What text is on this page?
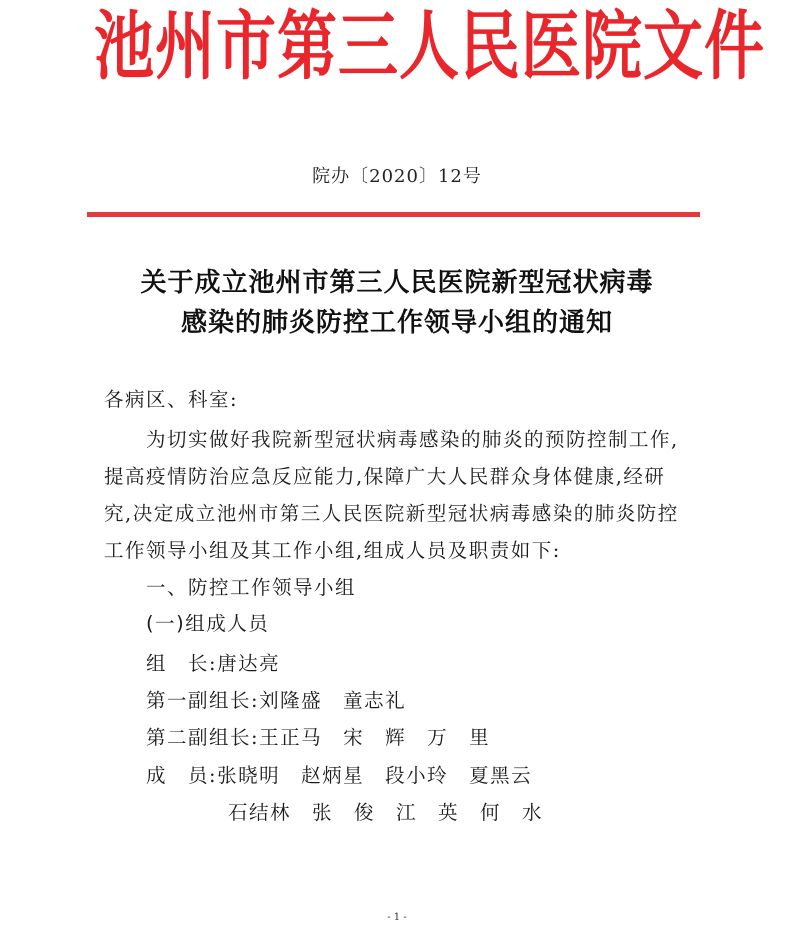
池州市第三人民医院文件
院办〔2020〕12号
关于成立池州市第三人民医院新型冠状病毒
感染的肺炎防控工作领导小组的通知
各病区、科室:
为切实做好我院新型冠状病毒感染的肺炎的预防控制工作,
提高疫情防治应急反应能力,保障广大人民群众身体健康,经研
究,决定成立池州市第三人民医院新型冠状病毒感染的肺炎防控
工作领导小组及其工作小组,组成人员及职责如下:
一、防控工作领导小组
(一)组成人员
组　长:唐达亮
第一副组长:刘隆盛　童志礼
第二副组长:王正马　宋　辉　万　里
成　员:张晓明　赵炳星　段小玲　夏黑云
石结林　张　俊　江　英　何　水
- 1 -
